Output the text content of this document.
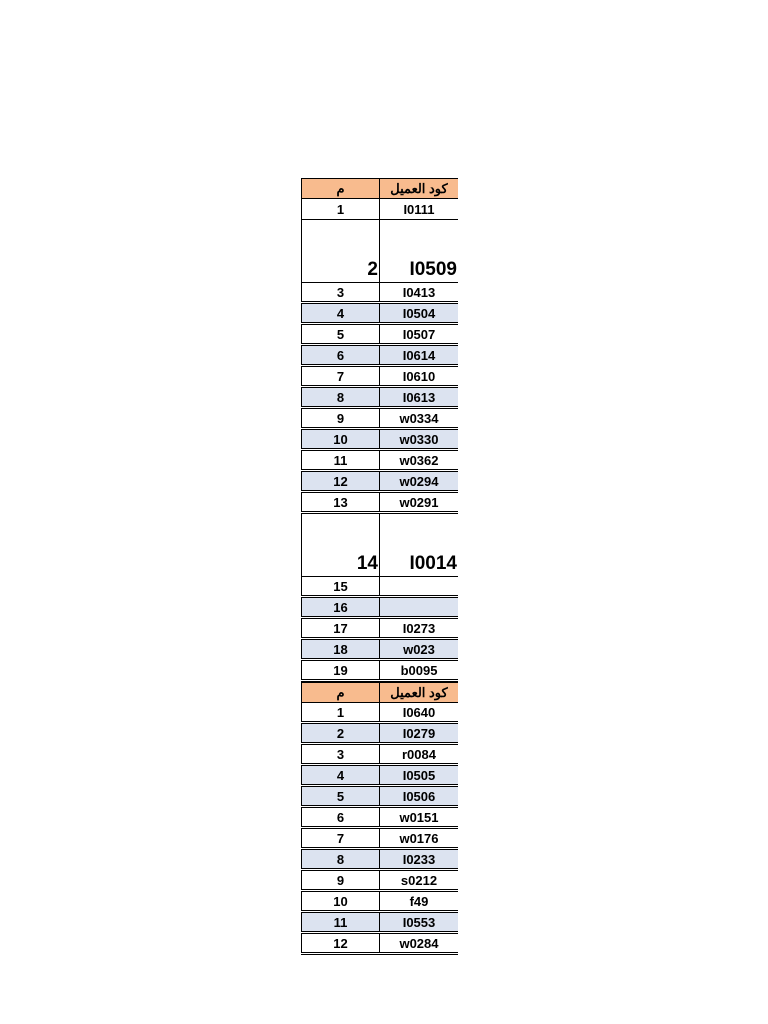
م	كود العميل
1	I0111
2	I0509
3	I0413
4	I0504
5	I0507
6	I0614
7	I0610
8	I0613
9	w0334
10	w0330
11	w0362
12	w0294
13	w0291
14	I0014
15
16
17	I0273
18	w023
19	b0095
م	كود العميل
1	I0640
2	I0279
3	r0084
4	I0505
5	I0506
6	w0151
7	w0176
8	I0233
9	s0212
10	f49
11	I0553
12	w0284
